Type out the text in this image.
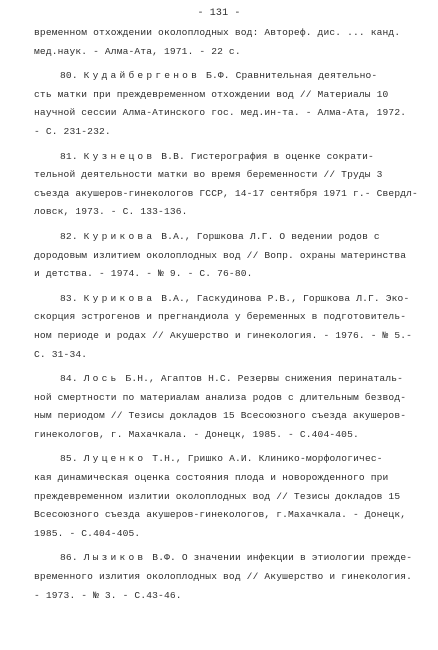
- 131 -
временном отхождении околоплодных вод: Автореф. дис. ... канд.
мед.наук. - Алма-Ата, 1971. - 22 с.
80. Кудайбергенов Б.Ф. Сравнительная деятельно-
сть матки при преждевременном отхождении вод // Материалы 10
научной сессии Алма-Атинского гос. мед.ин-та. - Алма-Ата, 1972.
- С. 231-232.
81. Кузнецов В.В. Гистерография в оценке сократи-
тельной деятельности матки во время беременности // Труды 3
съезда акушеров-гинекологов ГССР, 14-17 сентября 1971 г.- Свердл-
ловск, 1973. - С. 133-136.
82. Курикова В.А., Горшкова Л.Г. О ведении родов с
дородовым излитием околоплодных вод // Вопр. охраны материнства
и детства. - 1974. - № 9. - С. 76-80.
83. Курикова В.А., Гаскудинова Р.В., Горшкова Л.Г. Эко-
скорция эстрогенов и прегнандиола у беременных в подготовитель-
ном периоде и родах // Акушерство и гинекология. - 1976. - № 5.-
С. 31-34.
84. Лось Б.Н., Агаптов Н.С. Резервы снижения перинаталь-
ной смертности по материалам анализа родов с длительным безвод-
ным периодом // Тезисы докладов 15 Всесоюзного съезда акушеров-
гинекологов, г. Махачкала. - Донецк, 1985. - С.404-405.
85. Луценко Т.Н., Гришко А.И. Клинико-морфологичес-
кая динамическая оценка состояния плода и новорожденного при
преждевременном излитии околоплодных вод // Тезисы докладов 15
Всесоюзного съезда акушеров-гинекологов, г.Махачкала. - Донецк,
1985. - С.404-405.
86. Лызиков В.Ф. О значении инфекции в этиологии прежде-
временного излития околоплодных вод // Акушерство и гинекология.
- 1973. - № 3. - С.43-46.
